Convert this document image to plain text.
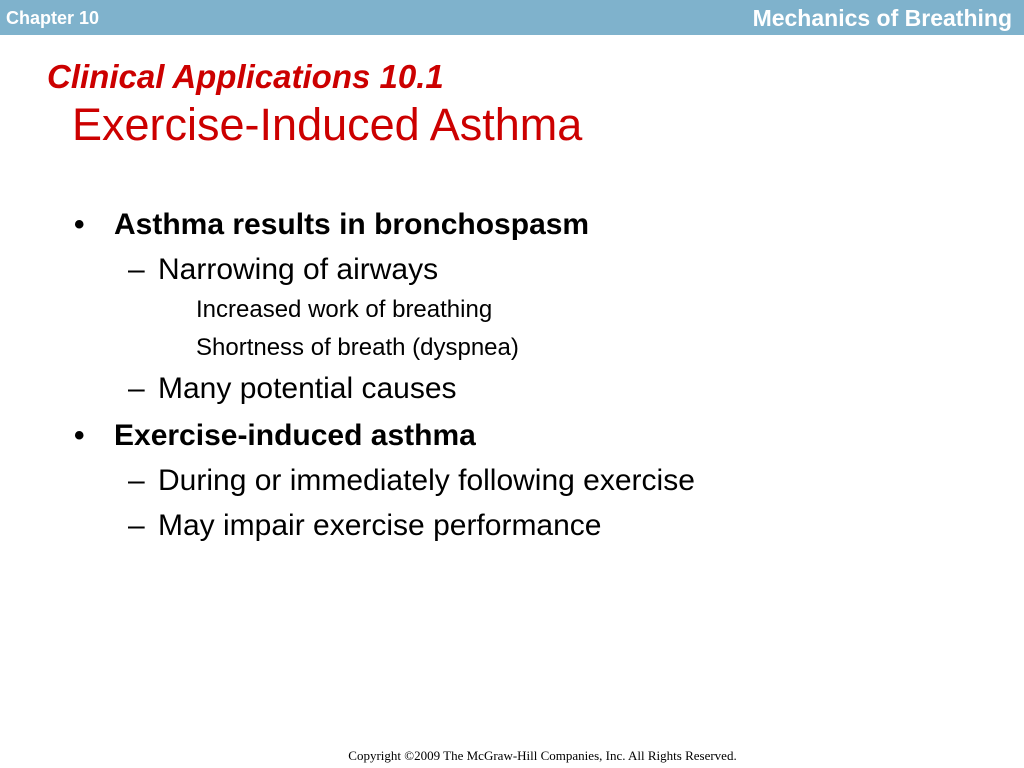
Chapter 10	Mechanics of Breathing
Clinical Applications 10.1
Exercise-Induced Asthma
• Asthma results in bronchospasm
– Narrowing of airways
Increased work of breathing
Shortness of breath (dyspnea)
– Many potential causes
• Exercise-induced asthma
– During or immediately following exercise
– May impair exercise performance
Copyright ©2009 The McGraw-Hill Companies, Inc. All Rights Reserved.
